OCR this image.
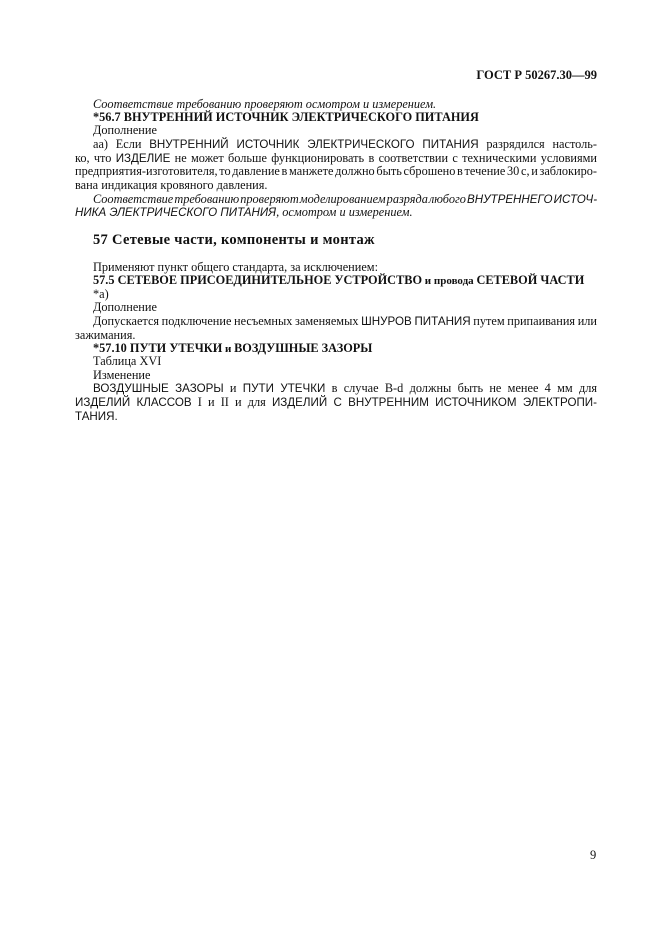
ГОСТ Р 50267.30—99
Соответствие требованию проверяют осмотром и измерением.
*56.7 ВНУТРЕННИЙ ИСТОЧНИК ЭЛЕКТРИЧЕСКОГО ПИТАНИЯ
Дополнение
аа) Если ВНУТРЕННИЙ ИСТОЧНИК ЭЛЕКТРИЧЕСКОГО ПИТАНИЯ разрядился настоль-
ко, что ИЗДЕЛИЕ не может больше функционировать в соответствии с техническими условиями
предприятия-изготовителя, то давление в манжете должно быть сброшено в течение 30 с, и заблокиро-
вана индикация кровяного давления.
Соответствие требованию проверяют моделированием разряда любого ВНУТРЕННЕГО ИСТОЧ-
НИКА ЭЛЕКТРИЧЕСКОГО ПИТАНИЯ, осмотром и измерением.
57 Сетевые части, компоненты и монтаж
Применяют пункт общего стандарта, за исключением:
57.5 СЕТЕВОЕ ПРИСОЕДИНИТЕЛЬНОЕ УСТРОЙСТВО и провода СЕТЕВОЙ ЧАСТИ
*а)
Дополнение
Допускается подключение несъемных заменяемых ШНУРОВ ПИТАНИЯ путем припаивания или
зажимания.
*57.10 ПУТИ УТЕЧКИ и ВОЗДУШНЫЕ ЗАЗОРЫ
Таблица XVI
Изменение
ВОЗДУШНЫЕ ЗАЗОРЫ и ПУТИ УТЕЧКИ в случае В-d должны быть не менее 4 мм для
ИЗДЕЛИЙ КЛАССОВ I и II и для ИЗДЕЛИЙ С ВНУТРЕННИМ ИСТОЧНИКОМ ЭЛЕКТРОПИ-
ТАНИЯ.
9
